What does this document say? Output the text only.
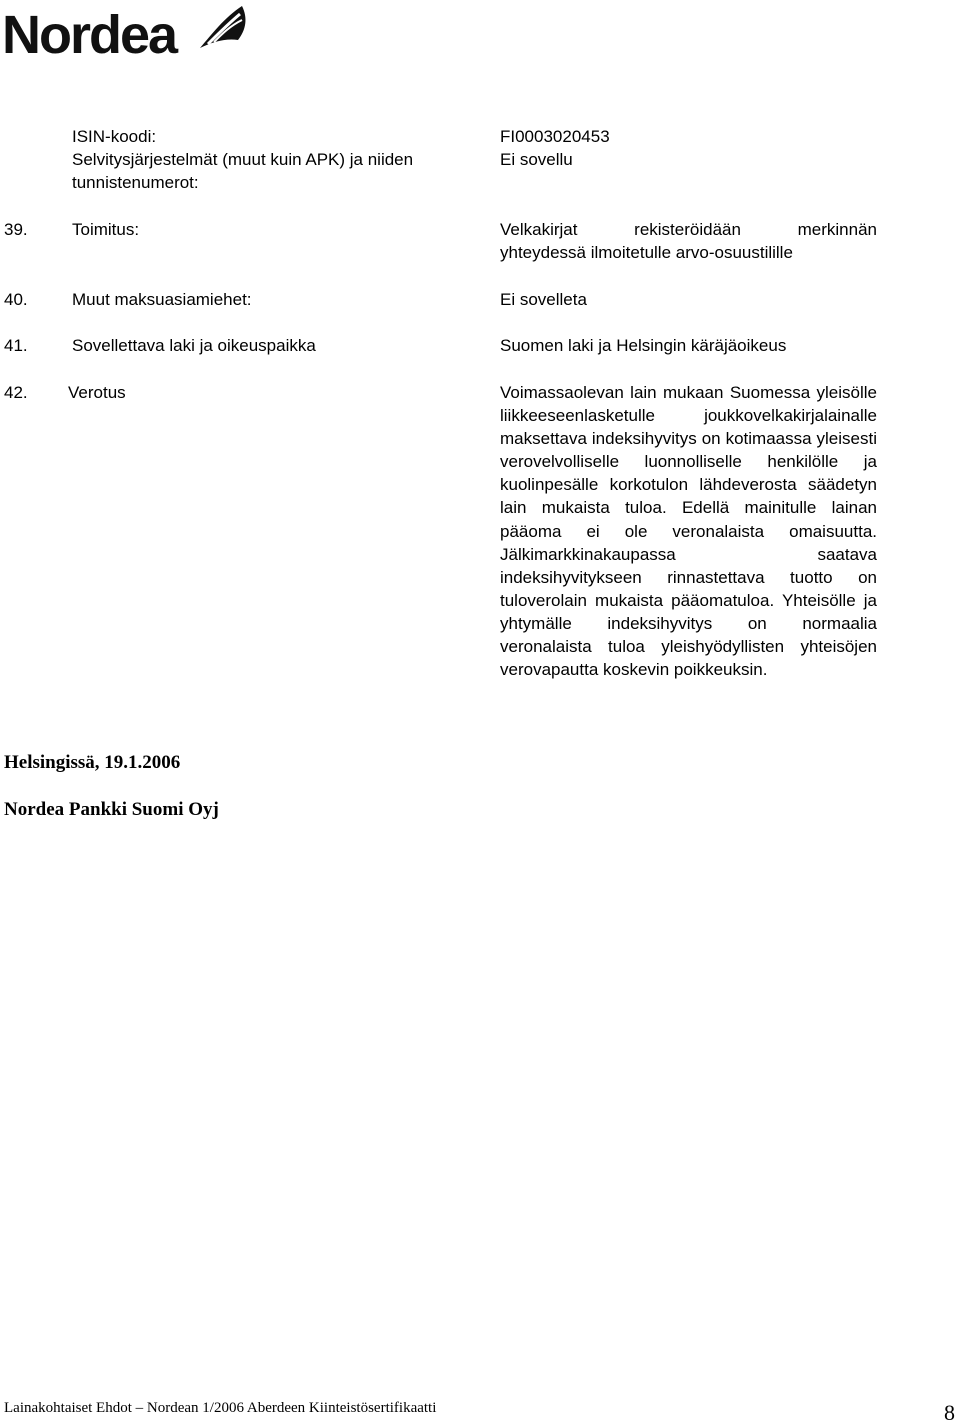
Nordea
ISIN-koodi:	FI0003020453
Selvitysjärjestelmät (muut kuin APK) ja niiden	Ei sovellu
tunnistenumerot:
39.	Toimitus:	Velkakirjat rekisteröidään merkinnän
yhteydessä ilmoitetulle arvo-osuustilille
40.	Muut maksuasiamiehet:	Ei sovelleta
41.	Sovellettava laki ja oikeuspaikka	Suomen laki ja Helsingin käräjäoikeus
42. Verotus	Voimassaolevan lain mukaan Suomessa yleisölle liikkeeseenlasketulle joukkovelkakirjalainalle maksettava indeksihyvitys on kotimaassa yleisesti verovelvolliselle luonnolliselle henkilölle ja kuolinpesälle korkotulon lähdeverosta säädetyn lain mukaista tuloa. Edellä mainitulle lainan pääoma ei ole veronalaista omaisuutta. Jälkimarkkinakaupassa saatava indeksihyvitykseen rinnastettava tuotto on tuloverolain mukaista pääomatuloa. Yhteisölle ja yhtymälle indeksihyvitys on normaalia veronalaista tuloa yleishyödyllisten yhteisöjen verovapautta koskevin poikkeuksin.
Helsingissä, 19.1.2006
Nordea Pankki Suomi Oyj
Lainakohtaiset Ehdot – Nordean 1/2006 Aberdeen Kiinteistösertifikaatti	8
